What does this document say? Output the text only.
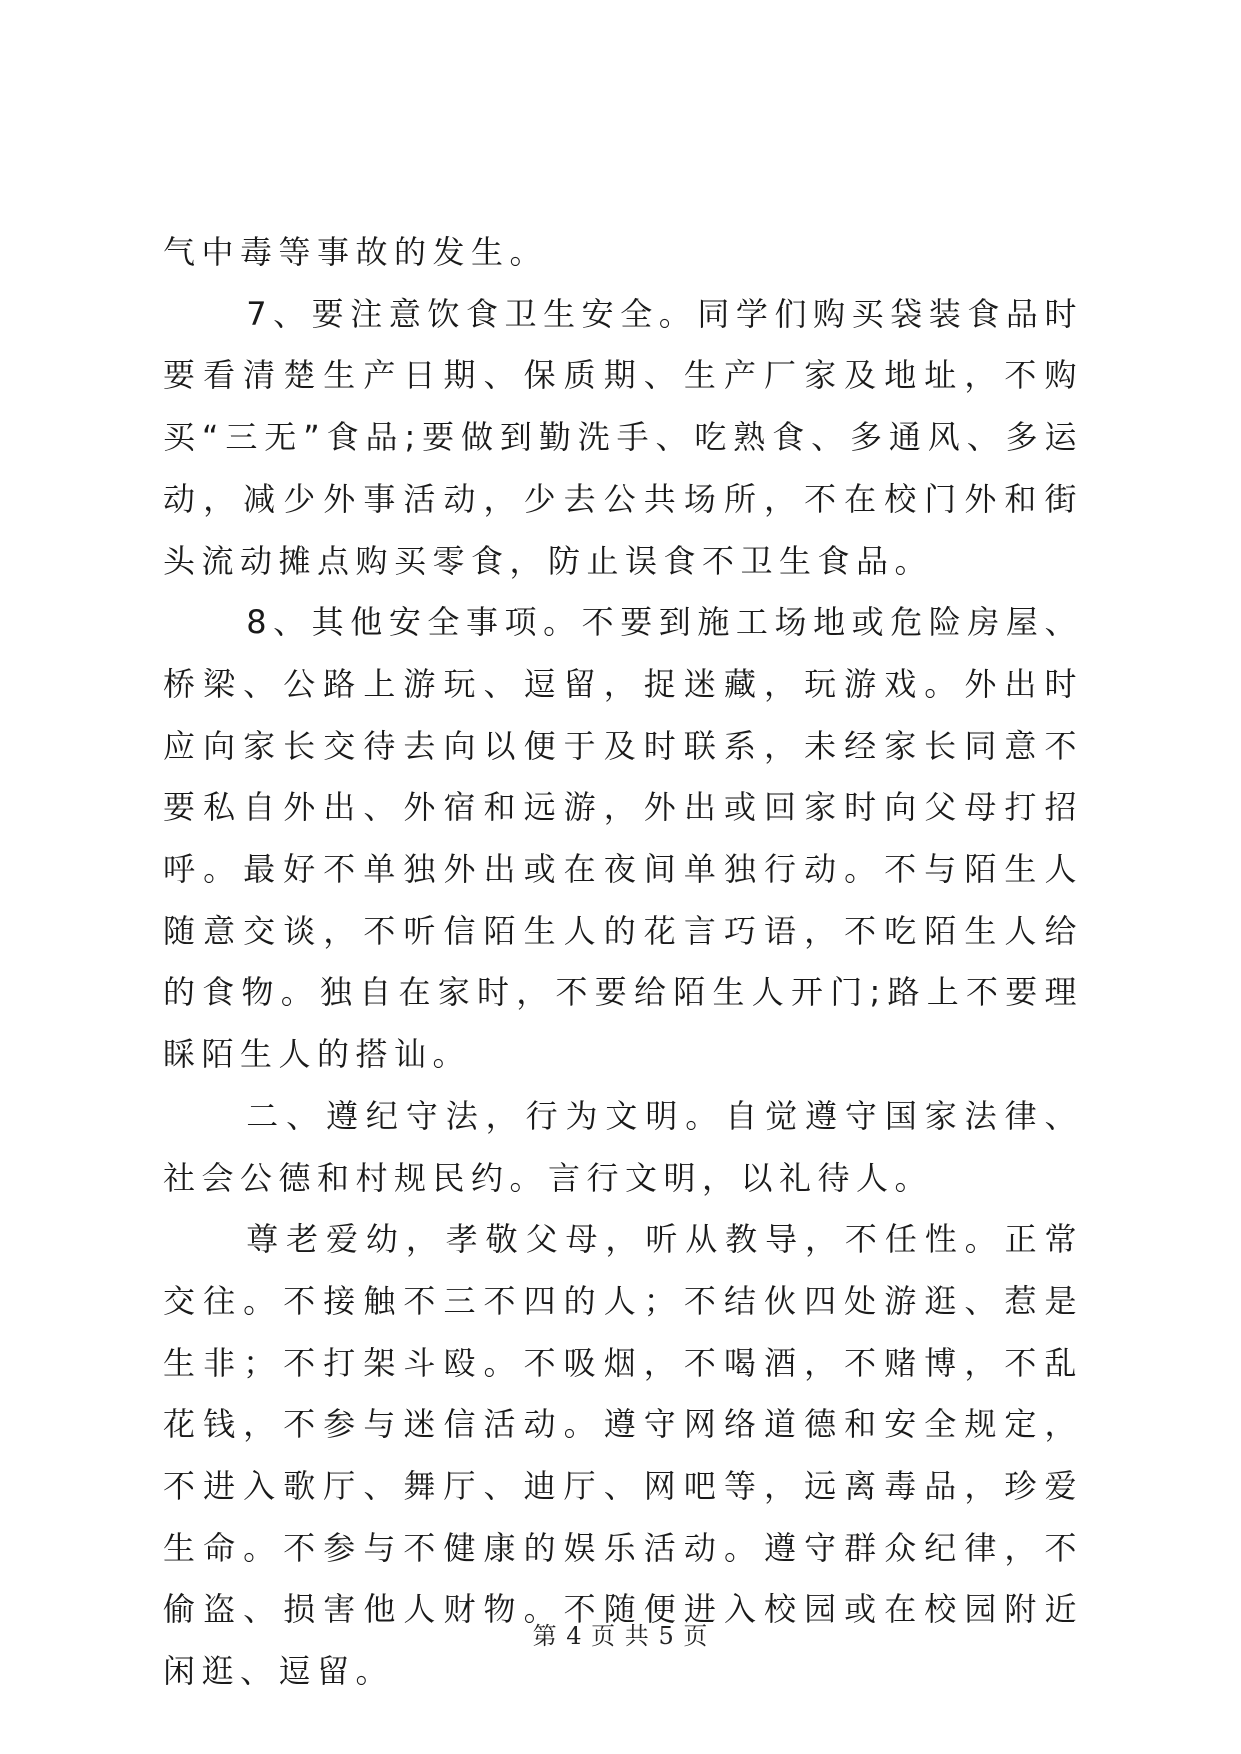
气中毒等事故的发生。

7、要注意饮食卫生安全。同学们购买袋装食品时要看清楚生产日期、保质期、生产厂家及地址，不购买“三无”食品;要做到勤洗手、吃熟食、多通风、多运动，减少外事活动，少去公共场所，不在校门外和街头流动摊点购买零食，防止误食不卫生食品。

8、其他安全事项。不要到施工场地或危险房屋、桥梁、公路上游玩、逗留，捉迷藏，玩游戏。外出时应向家长交待去向以便于及时联系，未经家长同意不要私自外出、外宿和远游，外出或回家时向父母打招呼。最好不单独外出或在夜间单独行动。不与陌生人随意交谈，不听信陌生人的花言巧语，不吃陌生人给的食物。独自在家时，不要给陌生人开门;路上不要理睬陌生人的搭讪。

二、遵纪守法，行为文明。自觉遵守国家法律、社会公德和村规民约。言行文明，以礼待人。

尊老爱幼，孝敬父母，听从教导，不任性。正常交往。不接触不三不四的人；不结伙四处游逛、惹是生非；不打架斗殴。不吸烟，不喝酒，不赌博，不乱花钱，不参与迷信活动。遵守网络道德和安全规定，不进入歌厅、舞厅、迪厅、网吧等，远离毒品，珍爱生命。不参与不健康的娱乐活动。遵守群众纪律，不偷盗、损害他人财物。不随便进入校园或在校园附近闲逛、逗留。

第 4 页 共 5 页
